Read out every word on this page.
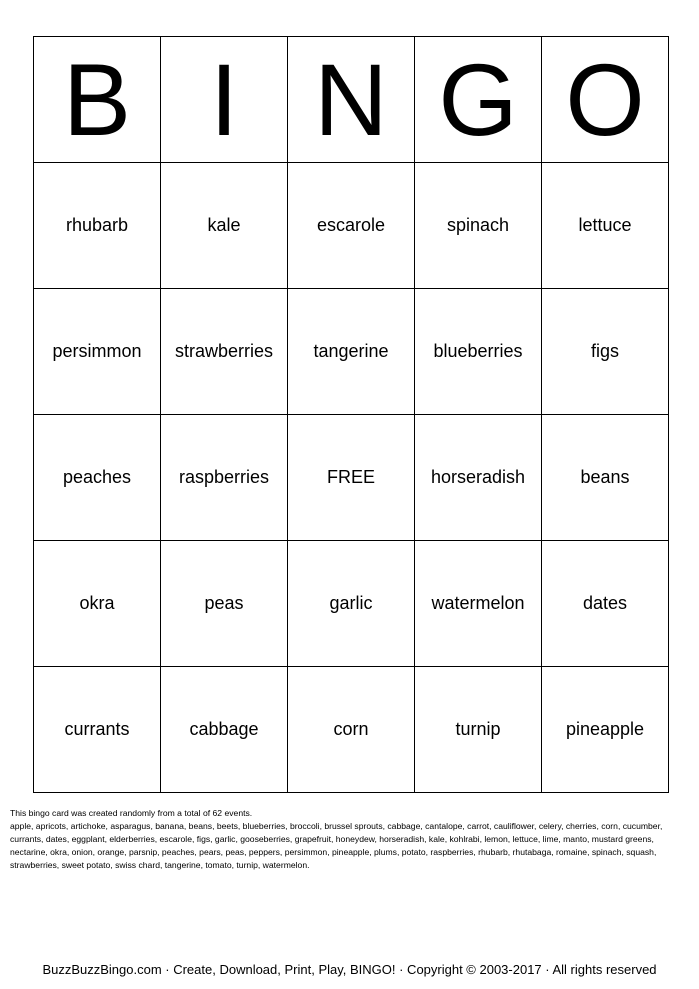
B	I	N	G	O
rhubarb	kale	escarole	spinach	lettuce
persimmon	strawberries	tangerine	blueberries	figs
peaches	raspberries	FREE	horseradish	beans
okra	peas	garlic	watermelon	dates
currants	cabbage	corn	turnip	pineapple
This bingo card was created randomly from a total of 62 events.
apple, apricots, artichoke, asparagus, banana, beans, beets, blueberries, broccoli, brussel sprouts, cabbage, cantalope, carrot, cauliflower, celery, cherries, corn, cucumber, currants, dates, eggplant, elderberries, escarole, figs, garlic, gooseberries, grapefruit, honeydew, horseradish, kale, kohlrabi, lemon, lettuce, lime, manto, mustard greens, nectarine, okra, onion, orange, parsnip, peaches, pears, peas, peppers, persimmon, pineapple, plums, potato, raspberries, rhubarb, rhutabaga, romaine, spinach, squash, strawberries, sweet potato, swiss chard, tangerine, tomato, turnip, watermelon.
BuzzBuzzBingo.com · Create, Download, Print, Play, BINGO! · Copyright © 2003-2017 · All rights reserved
